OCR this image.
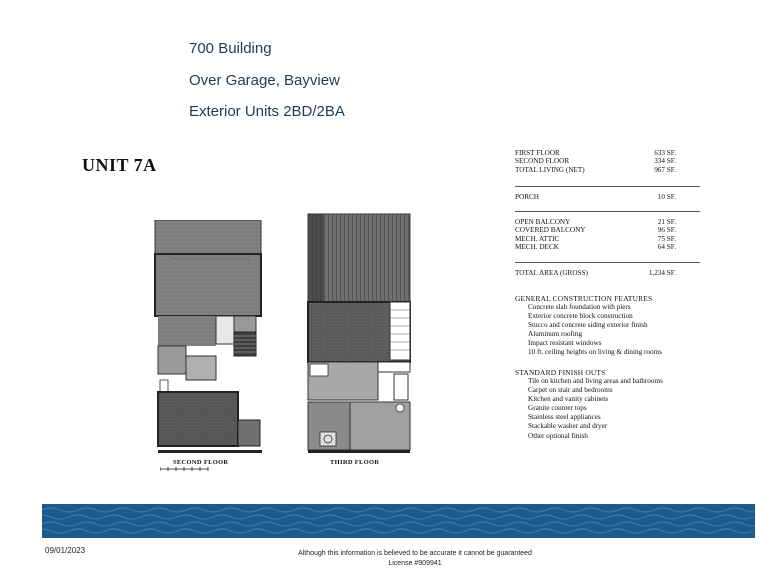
700 Building
Over Garage, Bayview
Exterior Units 2BD/2BA
UNIT 7A
FIRST FLOOR	633 SF.
SECOND FLOOR	334 SF.
TOTAL LIVING (NET)	967 SF.
PORCH	10 SF.
OPEN BALCONY	21 SF.
COVERED BALCONY	96 SF.
MECH. ATTIC	75 SF.
MECH. DECK	64 SF.
TOTAL AREA (GROSS)	1,234 SF.
GENERAL CONSTRUCTION FEATURES
Concrete slab foundation with piers
Exterior concrete block construction
Stucco and concrete siding exterior finish
Aluminum roofing
Impact resistant windows
10 ft. ceiling heights on living & dining rooms
STANDARD FINISH OUTS
Tile on kitchen and living areas and bathrooms
Carpet on stair and bedrooms
Kitchen and vanity cabinets
Granite counter tops
Stainless steel appliances
Stackable washer and dryer
Other optional finish
SECOND FLOOR	THIRD FLOOR
09/01/2023	Although this information is believed to be accurate it cannot be guaranteed
License #909941
